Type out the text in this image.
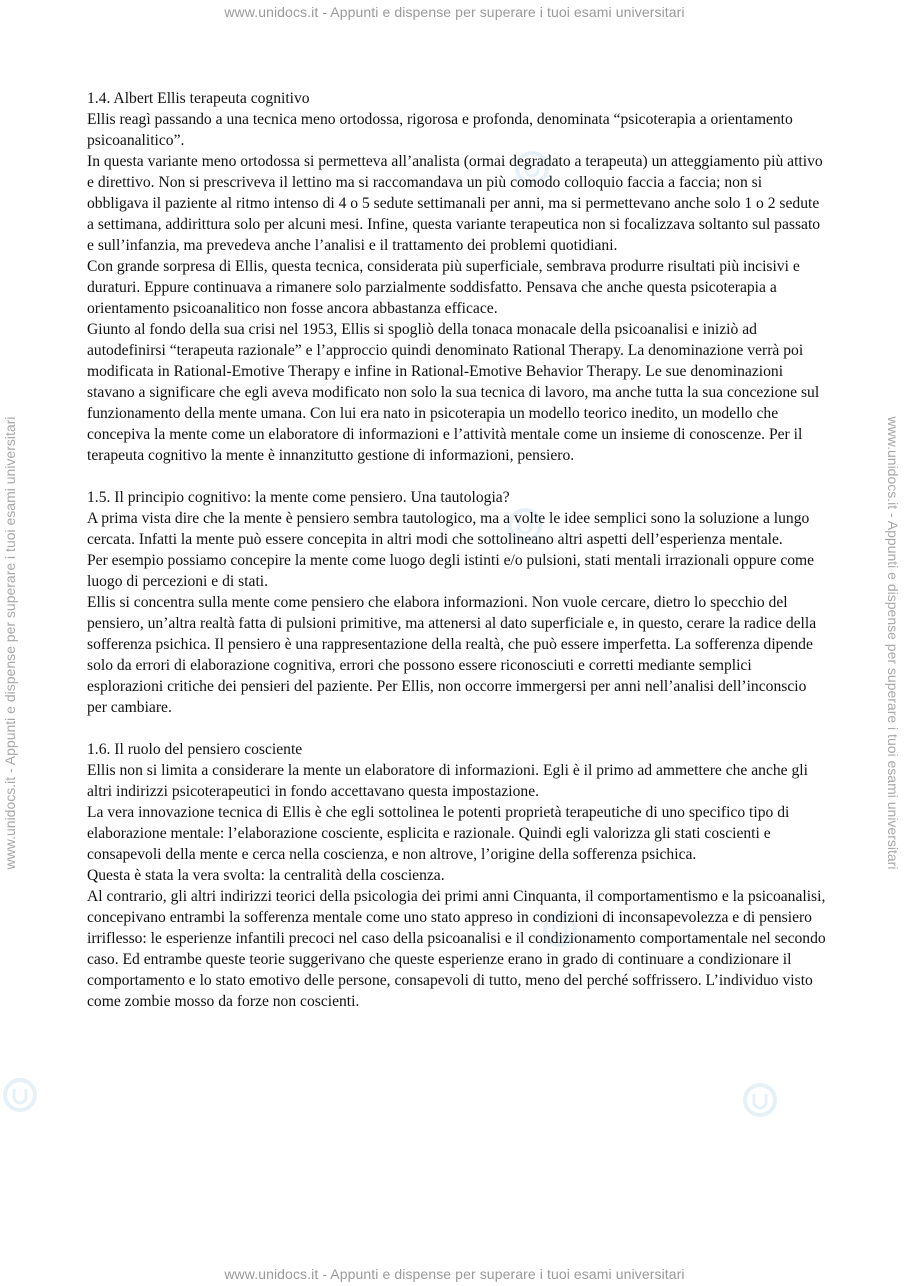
www.unidocs.it - Appunti e dispense per superare i tuoi esami universitari
www.unidocs.it - Appunti e dispense per superare i tuoi esami universitari
www.unidocs.it - Appunti e dispense per superare i tuoi esami universitari	www.unidocs.it - Appunti e dispense per superare i tuoi esami universitari

1.4. Albert Ellis terapeuta cognitivo

Ellis reagì passando a una tecnica meno ortodossa, rigorosa e profonda, denominata “psicoterapia a orientamento psicoanalitico”.

In questa variante meno ortodossa si permetteva all’analista (ormai degradato a terapeuta) un atteggiamento più attivo e direttivo. Non si prescriveva il lettino ma si raccomandava un più comodo colloquio faccia a faccia; non si obbligava il paziente al ritmo intenso di 4 o 5 sedute settimanali per anni, ma si permettevano anche solo 1 o 2 sedute a settimana, addirittura solo per alcuni mesi. Infine, questa variante terapeutica non si focalizzava soltanto sul passato e sull’infanzia, ma prevedeva anche l’analisi e il trattamento dei problemi quotidiani.

Con grande sorpresa di Ellis, questa tecnica, considerata più superficiale, sembrava produrre risultati più incisivi e duraturi. Eppure continuava a rimanere solo parzialmente soddisfatto. Pensava che anche questa psicoterapia a orientamento psicoanalitico non fosse ancora abbastanza efficace.

Giunto al fondo della sua crisi nel 1953, Ellis si spogliò della tonaca monacale della psicoanalisi e iniziò ad autodefinirsi “terapeuta razionale” e l’approccio quindi denominato Rational Therapy. La denominazione verrà poi modificata in Rational-Emotive Therapy e infine in Rational-Emotive Behavior Therapy. Le sue denominazioni stavano a significare che egli aveva modificato non solo la sua tecnica di lavoro, ma anche tutta la sua concezione sul funzionamento della mente umana. Con lui era nato in psicoterapia un modello teorico inedito, un modello che concepiva la mente come un elaboratore di informazioni e l’attività mentale come un insieme di conoscenze. Per il terapeuta cognitivo la mente è innanzitutto gestione di informazioni, pensiero.

1.5. Il principio cognitivo: la mente come pensiero. Una tautologia?

A prima vista dire che la mente è pensiero sembra tautologico, ma a volte le idee semplici sono la soluzione a lungo cercata. Infatti la mente può essere concepita in altri modi che sottolineano altri aspetti dell’esperienza mentale.

Per esempio possiamo concepire la mente come luogo degli istinti e/o pulsioni, stati mentali irrazionali oppure come luogo di percezioni e di stati.

Ellis si concentra sulla mente come pensiero che elabora informazioni. Non vuole cercare, dietro lo specchio del pensiero, un’altra realtà fatta di pulsioni primitive, ma attenersi al dato superficiale e, in questo, cerare la radice della sofferenza psichica. Il pensiero è una rappresentazione della realtà, che può essere imperfetta. La sofferenza dipende solo da errori di elaborazione cognitiva, errori che possono essere riconosciuti e corretti mediante semplici esplorazioni critiche dei pensieri del paziente. Per Ellis, non occorre immergersi per anni nell’analisi dell’inconscio per cambiare.

1.6. Il ruolo del pensiero cosciente

Ellis non si limita a considerare la mente un elaboratore di informazioni. Egli è il primo ad ammettere che anche gli altri indirizzi psicoterapeutici in fondo accettavano questa impostazione.

La vera innovazione tecnica di Ellis è che egli sottolinea le potenti proprietà terapeutiche di uno specifico tipo di elaborazione mentale: l’elaborazione cosciente, esplicita e razionale. Quindi egli valorizza gli stati coscienti e consapevoli della mente e cerca nella coscienza, e non altrove, l’origine della sofferenza psichica.

Questa è stata la vera svolta: la centralità della coscienza.

Al contrario, gli altri indirizzi teorici della psicologia dei primi anni Cinquanta, il comportamentismo e la psicoanalisi, concepivano entrambi la sofferenza mentale come uno stato appreso in condizioni di inconsapevolezza e di pensiero irriflesso: le esperienze infantili precoci nel caso della psicoanalisi e il condizionamento comportamentale nel secondo caso. Ed entrambe queste teorie suggerivano che queste esperienze erano in grado di continuare a condizionare il comportamento e lo stato emotivo delle persone, consapevoli di tutto, meno del perché soffrissero. L’individuo visto come zombie mosso da forze non coscienti.
